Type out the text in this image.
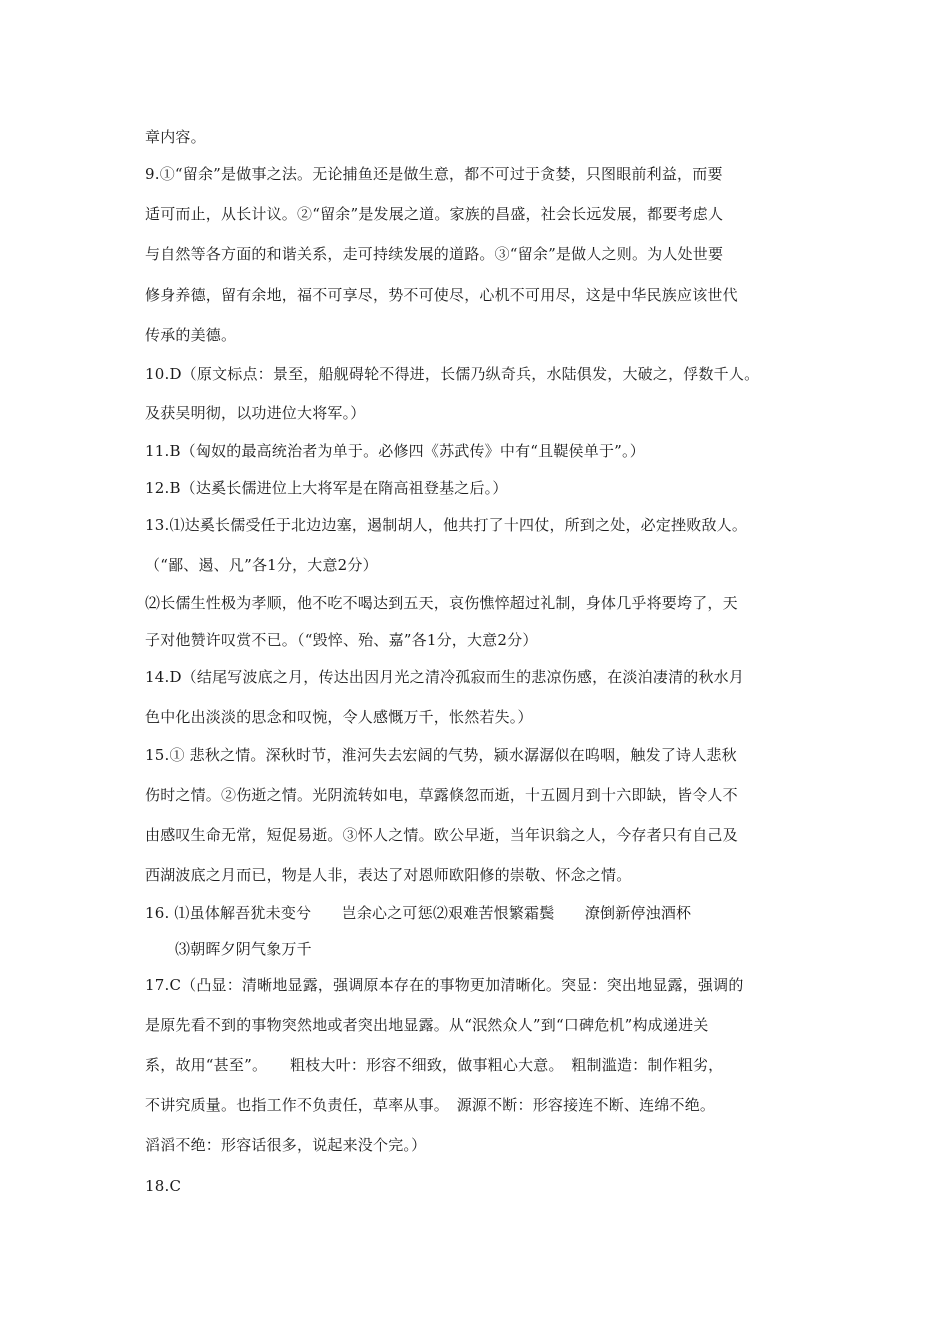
章内容。
9.①“留余”是做事之法。无论捕鱼还是做生意，都不可过于贪婪，只图眼前利益，而要
适可而止，从长计议。②“留余”是发展之道。家族的昌盛，社会长远发展，都要考虑人
与自然等各方面的和谐关系，走可持续发展的道路。③“留余”是做人之则。为人处世要
修身养德，留有余地，福不可享尽，势不可使尽，心机不可用尽，这是中华民族应该世代
传承的美德。
10.D（原文标点：景至，船舰碍轮不得进，长儒乃纵奇兵，水陆俱发，大破之，俘数千人。
及获吴明彻，以功进位大将军。）
11.B（匈奴的最高统治者为单于。必修四《苏武传》中有“且鞮侯单于”。）
12.B（达奚长儒进位上大将军是在隋高祖登基之后。）
13.⑴达奚长儒受任于北边边塞，遏制胡人，他共打了十四仗，所到之处，必定挫败敌人。
（“鄙、遏、凡”各1分，大意2分）
⑵长儒生性极为孝顺，他不吃不喝达到五天，哀伤憔悴超过礼制，身体几乎将要垮了，天
子对他赞许叹赏不已。（“毁悴、殆、嘉”各1分，大意2分）
14.D（结尾写波底之月，传达出因月光之清冷孤寂而生的悲凉伤感，在淡泊凄清的秋水月
色中化出淡淡的思念和叹惋，令人感慨万千，怅然若失。）
15.① 悲秋之情。深秋时节，淮河失去宏阔的气势，颍水潺潺似在呜咽，触发了诗人悲秋
伤时之情。②伤逝之情。光阴流转如电，草露倏忽而逝，十五圆月到十六即缺，皆令人不
由感叹生命无常，短促易逝。③怀人之情。欧公早逝，当年识翁之人，今存者只有自己及
西湖波底之月而已，物是人非，表达了对恩师欧阳修的崇敬、怀念之情。
16. ⑴虽体解吾犹未变兮　　岂余心之可惩⑵艰难苦恨繁霜鬓　　潦倒新停浊酒杯
⑶朝晖夕阴气象万千
17.C（凸显：清晰地显露，强调原本存在的事物更加清晰化。突显：突出地显露，强调的
是原先看不到的事物突然地或者突出地显露。从“泯然众人”到“口碑危机”构成递进关
系，故用“甚至”。　　粗枝大叶：形容不细致，做事粗心大意。　粗制滥造：制作粗劣，
不讲究质量。也指工作不负责任，草率从事。　源源不断：形容接连不断、连绵不绝。
滔滔不绝：形容话很多，说起来没个完。）
18.C
